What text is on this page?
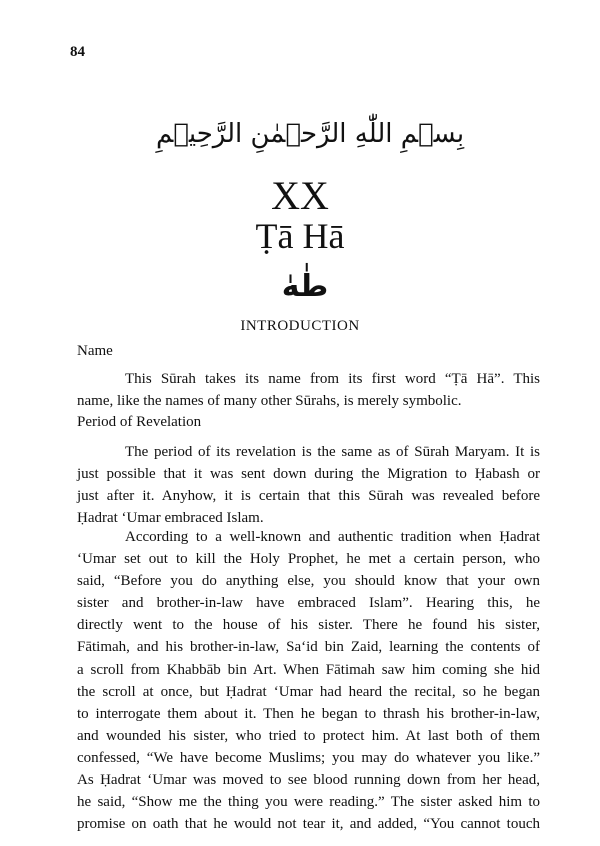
84
بِسۡمِ اللّٰهِ الرَّحۡمٰنِ الرَّحِيۡمِ
XX
Ṭā Hā
طٰهٰ
INTRODUCTION
Name
This Sūrah takes its name from its first word “Ṭā Hā”. This
name, like the names of many other Sūrahs, is merely symbolic.
Period of Revelation
The period of its revelation is the same as of Sūrah Maryam. It is
just possible that it was sent down during the Migration to Ḥabash or
just after it. Anyhow, it is certain that this Sūrah was revealed before
Ḥadrat ‘Umar embraced Islam.
According to a well-known and authentic tradition when Ḥadrat
‘Umar set out to kill the Holy Prophet, he met a certain person, who
said, “Before you do anything else, you should know that your own
sister and brother-in-law have embraced Islam”. Hearing this, he
directly went to the house of his sister. There he found his sister,
Fātimah, and his brother-in-law, Sa‘id bin Zaid, learning the contents of
a scroll from Khabbāb bin Art. When Fātimah saw him coming she hid
the scroll at once, but Ḥadrat ‘Umar had heard the recital, so he began
to interrogate them about it. Then he began to thrash his brother-in-law,
and wounded his sister, who tried to protect him. At last both of them
confessed, “We have become Muslims; you may do whatever you like.”
As Ḥadrat ‘Umar was moved to see blood running down from her head,
he said, “Show me the thing you were reading.” The sister asked him to
promise on oath that he would not tear it, and added, “You cannot touch
